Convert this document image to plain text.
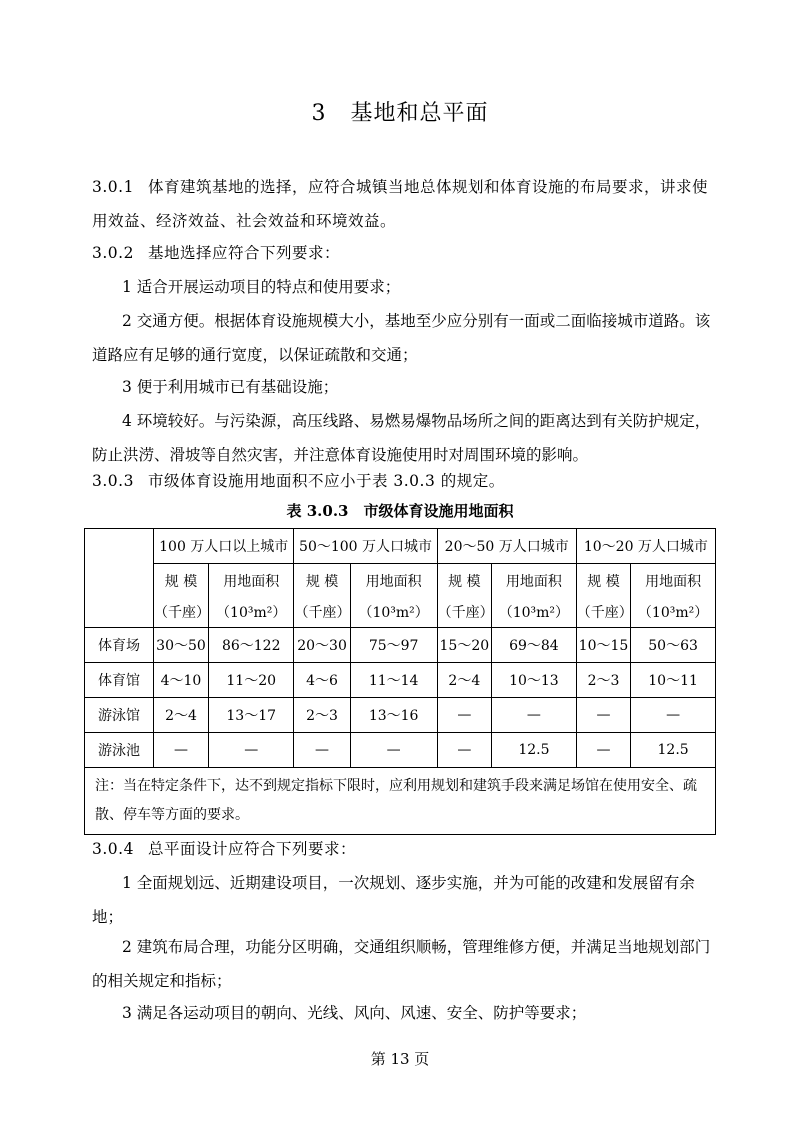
3 基地和总平面
3.0.1 体育建筑基地的选择，应符合城镇当地总体规划和体育设施的布局要求，讲求使用效益、经济效益、社会效益和环境效益。
3.0.2 基地选择应符合下列要求：
1 适合开展运动项目的特点和使用要求；
2 交通方便。根据体育设施规模大小，基地至少应分别有一面或二面临接城市道路。该道路应有足够的通行宽度，以保证疏散和交通；
3 便于利用城市已有基础设施；
4 环境较好。与污染源，高压线路、易燃易爆物品场所之间的距离达到有关防护规定，防止洪涝、滑坡等自然灾害，并注意体育设施使用时对周围环境的影响。
3.0.3 市级体育设施用地面积不应小于表 3.0.3 的规定。
表 3.0.3　市级体育设施用地面积
	100 万人口以上城市		50～100 万人口城市		20～50 万人口城市		10～20 万人口城市	
	规 模	用地面积	规 模	用地面积	规 模	用地面积	规 模	用地面积
	（千座）	（10³m²）	（千座）	（10³m²）	（千座）	（10³m²）	（千座）	（10³m²）
体育场	30～50	86～122	20～30	75～97	15～20	69～84	10～15	50～63
体育馆	4～10	11～20	4～6	11～14	2～4	10～13	2～3	10～11
游泳馆	2～4	13～17	2～3	13～16	—	—	—	—
游泳池	—	—	—	—	—	12.5	—	12.5
注：当在特定条件下，达不到规定指标下限时，应利用规划和建筑手段来满足场馆在使用安全、疏散、停车等方面的要求。								
3.0.4 总平面设计应符合下列要求：
1 全面规划远、近期建设项目，一次规划、逐步实施，并为可能的改建和发展留有余地；
2 建筑布局合理，功能分区明确，交通组织顺畅，管理维修方便，并满足当地规划部门的相关规定和指标；
3 满足各运动项目的朝向、光线、风向、风速、安全、防护等要求；
第 13 页
